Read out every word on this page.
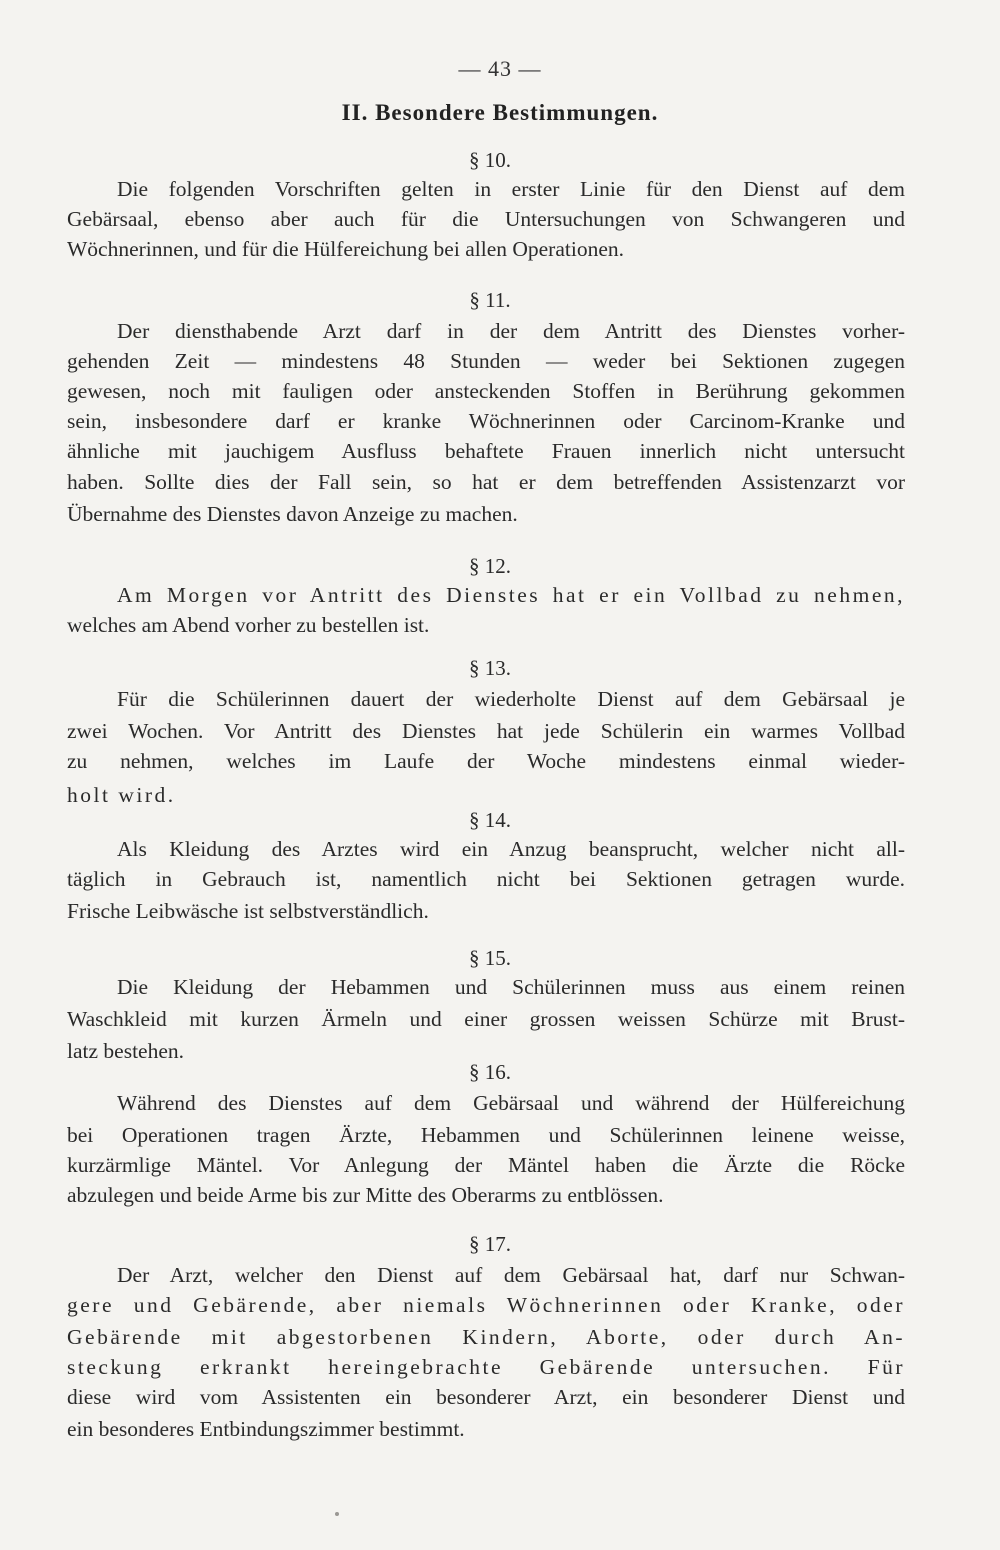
— 43 —
II. Besondere Bestimmungen.
§ 10.
Die folgenden Vorschriften gelten in erster Linie für den Dienst auf dem
Gebärsaal, ebenso aber auch für die Untersuchungen von Schwangeren und
Wöchnerinnen, und für die Hülfereichung bei allen Operationen.
§ 11.
Der diensthabende Arzt darf in der dem Antritt des Dienstes vorher-
gehenden Zeit — mindestens 48 Stunden — weder bei Sektionen zugegen
gewesen, noch mit fauligen oder ansteckenden Stoffen in Berührung gekommen
sein, insbesondere darf er kranke Wöchnerinnen oder Carcinom-Kranke und
ähnliche mit jauchigem Ausfluss behaftete Frauen innerlich nicht untersucht
haben. Sollte dies der Fall sein, so hat er dem betreffenden Assistenzarzt vor
Übernahme des Dienstes davon Anzeige zu machen.
§ 12.
Am Morgen vor Antritt des Dienstes hat er ein Vollbad zu nehmen,
welches am Abend vorher zu bestellen ist.
§ 13.
Für die Schülerinnen dauert der wiederholte Dienst auf dem Gebärsaal je
zwei Wochen. Vor Antritt des Dienstes hat jede Schülerin ein warmes Vollbad
zu nehmen, welches im Laufe der Woche mindestens einmal wieder-
holt wird.
§ 14.
Als Kleidung des Arztes wird ein Anzug beansprucht, welcher nicht all-
täglich in Gebrauch ist, namentlich nicht bei Sektionen getragen wurde.
Frische Leibwäsche ist selbstverständlich.
§ 15.
Die Kleidung der Hebammen und Schülerinnen muss aus einem reinen
Waschkleid mit kurzen Ärmeln und einer grossen weissen Schürze mit Brust-
latz bestehen.
§ 16.
Während des Dienstes auf dem Gebärsaal und während der Hülfereichung
bei Operationen tragen Ärzte, Hebammen und Schülerinnen leinene weisse,
kurzärmlige Mäntel. Vor Anlegung der Mäntel haben die Ärzte die Röcke
abzulegen und beide Arme bis zur Mitte des Oberarms zu entblössen.
§ 17.
Der Arzt, welcher den Dienst auf dem Gebärsaal hat, darf nur Schwan-
gere und Gebärende, aber niemals Wöchnerinnen oder Kranke, oder
Gebärende mit abgestorbenen Kindern, Aborte, oder durch An-
steckung erkrankt hereingebrachte Gebärende untersuchen. Für
diese wird vom Assistenten ein besonderer Arzt, ein besonderer Dienst und
ein besonderes Entbindungszimmer bestimmt.
